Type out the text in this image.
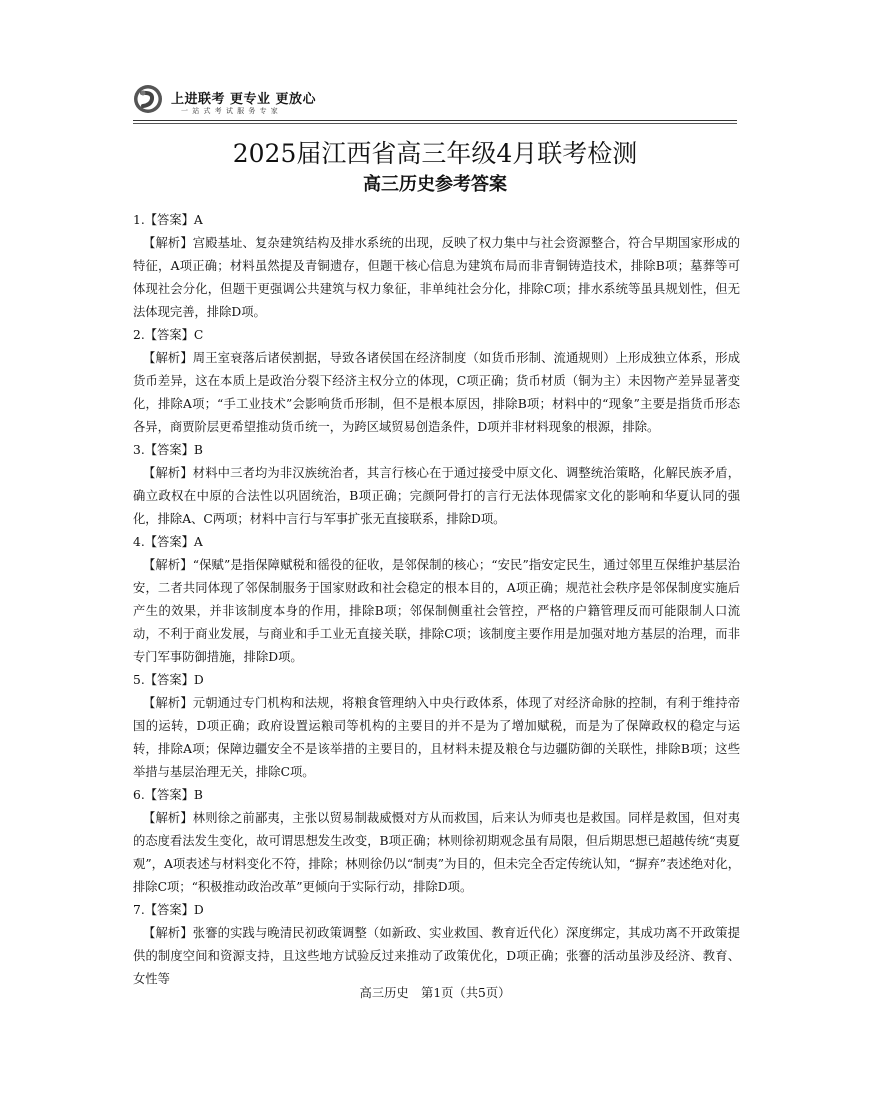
上进联考 更专业 更放心
一 站 式 考 试 服 务 专 家
2025届江西省高三年级4月联考检测
高三历史参考答案

1.【答案】A

【解析】宫殿基址、复杂建筑结构及排水系统的出现，反映了权力集中与社会资源整合，符合早期国家形成的特征，A项正确；材料虽然提及青铜遗存，但题干核心信息为建筑布局而非青铜铸造技术，排除B项；墓葬等可体现社会分化，但题干更强调公共建筑与权力象征，非单纯社会分化，排除C项；排水系统等虽具规划性，但无法体现完善，排除D项。

2.【答案】C

【解析】周王室衰落后诸侯割据，导致各诸侯国在经济制度（如货币形制、流通规则）上形成独立体系，形成货币差异，这在本质上是政治分裂下经济主权分立的体现，C项正确；货币材质（铜为主）未因物产差异显著变化，排除A项；“手工业技术”会影响货币形制，但不是根本原因，排除B项；材料中的“现象”主要是指货币形态各异，商贾阶层更希望推动货币统一，为跨区域贸易创造条件，D项并非材料现象的根源，排除。

3.【答案】B

【解析】材料中三者均为非汉族统治者，其言行核心在于通过接受中原文化、调整统治策略，化解民族矛盾，确立政权在中原的合法性以巩固统治，B项正确；完颜阿骨打的言行无法体现儒家文化的影响和华夏认同的强化，排除A、C两项；材料中言行与军事扩张无直接联系，排除D项。

4.【答案】A

【解析】“保赋”是指保障赋税和徭役的征收，是邻保制的核心；“安民”指安定民生，通过邻里互保维护基层治安，二者共同体现了邻保制服务于国家财政和社会稳定的根本目的，A项正确；规范社会秩序是邻保制度实施后产生的效果，并非该制度本身的作用，排除B项；邻保制侧重社会管控，严格的户籍管理反而可能限制人口流动，不利于商业发展，与商业和手工业无直接关联，排除C项；该制度主要作用是加强对地方基层的治理，而非专门军事防御措施，排除D项。

5.【答案】D

【解析】元朝通过专门机构和法规，将粮食管理纳入中央行政体系，体现了对经济命脉的控制，有利于维持帝国的运转，D项正确；政府设置运粮司等机构的主要目的并不是为了增加赋税，而是为了保障政权的稳定与运转，排除A项；保障边疆安全不是该举措的主要目的，且材料未提及粮仓与边疆防御的关联性，排除B项；这些举措与基层治理无关，排除C项。

6.【答案】B

【解析】林则徐之前鄙夷，主张以贸易制裁威慑对方从而救国，后来认为师夷也是救国。同样是救国，但对夷的态度看法发生变化，故可谓思想发生改变，B项正确；林则徐初期观念虽有局限，但后期思想已超越传统“夷夏观”，A项表述与材料变化不符，排除；林则徐仍以“制夷”为目的，但未完全否定传统认知，“摒弃”表述绝对化，排除C项；“积极推动政治改革”更倾向于实际行动，排除D项。

7.【答案】D

【解析】张謇的实践与晚清民初政策调整（如新政、实业救国、教育近代化）深度绑定，其成功离不开政策提供的制度空间和资源支持，且这些地方试验反过来推动了政策优化，D项正确；张謇的活动虽涉及经济、教育、女性等

高三历史　第1页（共5页）
